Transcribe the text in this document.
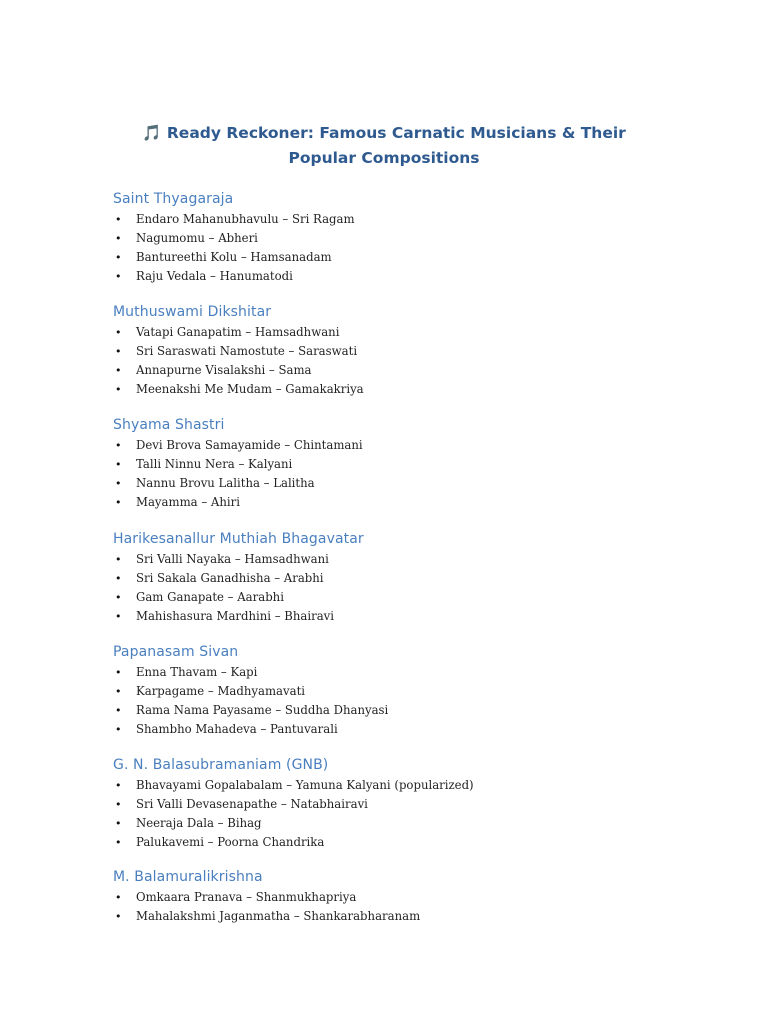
🎵 Ready Reckoner: Famous Carnatic Musicians & Their Popular Compositions
Saint Thyagaraja
• Endaro Mahanubhavulu – Sri Ragam
• Nagumomu – Abheri
• Bantureethi Kolu – Hamsanadam
• Raju Vedala – Hanumatodi
Muthuswami Dikshitar
• Vatapi Ganapatim – Hamsadhwani
• Sri Saraswati Namostute – Saraswati
• Annapurne Visalakshi – Sama
• Meenakshi Me Mudam – Gamakakriya
Shyama Shastri
• Devi Brova Samayamide – Chintamani
• Talli Ninnu Nera – Kalyani
• Nannu Brovu Lalitha – Lalitha
• Mayamma – Ahiri
Harikesanallur Muthiah Bhagavatar
• Sri Valli Nayaka – Hamsadhwani
• Sri Sakala Ganadhisha – Arabhi
• Gam Ganapate – Aarabhi
• Mahishasura Mardhini – Bhairavi
Papanasam Sivan
• Enna Thavam – Kapi
• Karpagame – Madhyamavati
• Rama Nama Payasame – Suddha Dhanyasi
• Shambho Mahadeva – Pantuvarali
G. N. Balasubramaniam (GNB)
• Bhavayami Gopalabalam – Yamuna Kalyani (popularized)
• Sri Valli Devasenapathe – Natabhairavi
• Neeraja Dala – Bihag
• Palukavemi – Poorna Chandrika
M. Balamuralikrishna
• Omkaara Pranava – Shanmukhapriya
• Mahalakshmi Jaganmatha – Shankarabharanam
